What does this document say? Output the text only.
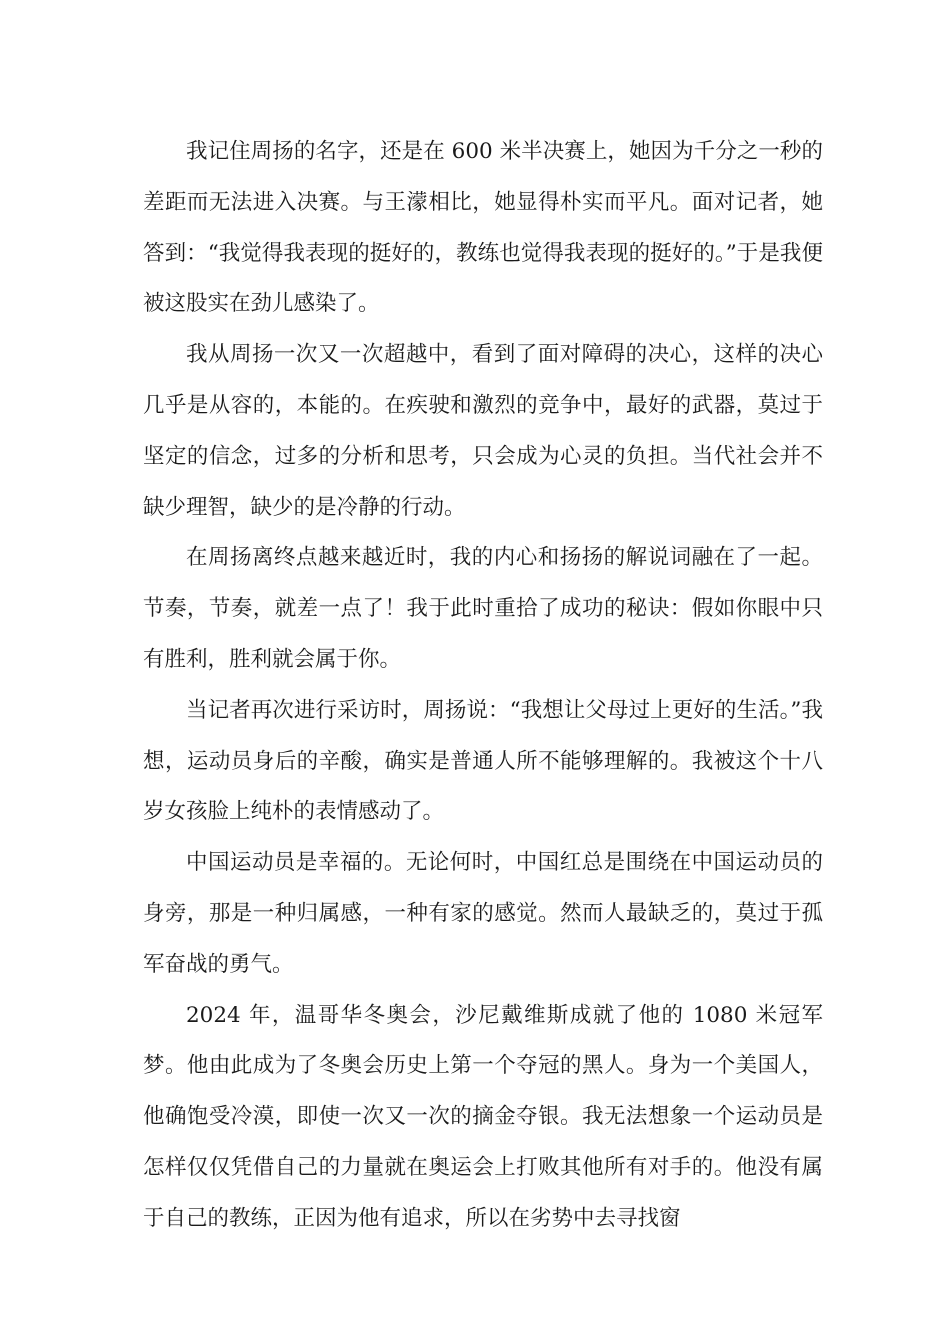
我记住周扬的名字，还是在 600 米半决赛上，她因为千分之一秒的差距而无法进入决赛。与王濛相比，她显得朴实而平凡。面对记者，她答到：“我觉得我表现的挺好的，教练也觉得我表现的挺好的。”于是我便被这股实在劲儿感染了。

我从周扬一次又一次超越中，看到了面对障碍的决心，这样的决心几乎是从容的，本能的。在疾驶和激烈的竞争中，最好的武器，莫过于坚定的信念，过多的分析和思考，只会成为心灵的负担。当代社会并不缺少理智，缺少的是冷静的行动。

在周扬离终点越来越近时，我的内心和扬扬的解说词融在了一起。节奏，节奏，就差一点了！我于此时重拾了成功的秘诀：假如你眼中只有胜利，胜利就会属于你。

当记者再次进行采访时，周扬说：“我想让父母过上更好的生活。”我想，运动员身后的辛酸，确实是普通人所不能够理解的。我被这个十八岁女孩脸上纯朴的表情感动了。

中国运动员是幸福的。无论何时，中国红总是围绕在中国运动员的身旁，那是一种归属感，一种有家的感觉。然而人最缺乏的，莫过于孤军奋战的勇气。

2024 年，温哥华冬奥会，沙尼戴维斯成就了他的 1080 米冠军梦。他由此成为了冬奥会历史上第一个夺冠的黑人。身为一个美国人，他确饱受冷漠，即使一次又一次的摘金夺银。我无法想象一个运动员是怎样仅仅凭借自己的力量就在奥运会上打败其他所有对手的。他没有属于自己的教练，正因为他有追求，所以在劣势中去寻找窗
